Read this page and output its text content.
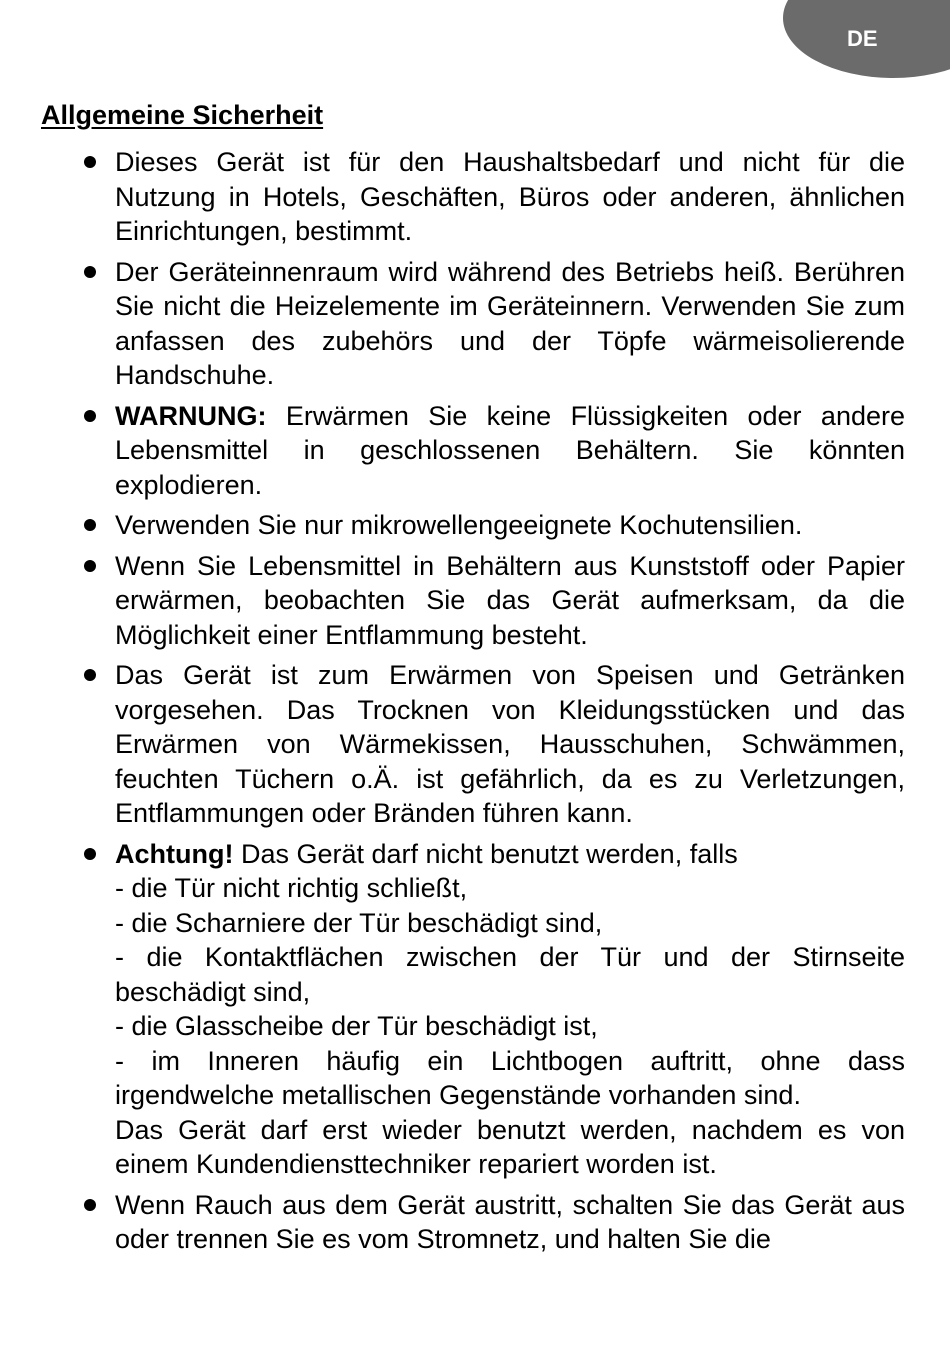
DE
Allgemeine Sicherheit
Dieses Gerät ist für den Haushaltsbedarf und nicht für die Nutzung in Hotels, Geschäften, Büros oder anderen, ähnlichen Einrichtungen, bestimmt.
Der Geräteinnenraum wird während des Betriebs heiß. Berühren Sie nicht die Heizelemente im Geräteinnern. Verwenden Sie zum anfassen des zubehörs und der Töpfe wärmeisolierende Handschuhe.
WARNUNG: Erwärmen Sie keine Flüssigkeiten oder andere Lebensmittel in geschlossenen Behältern. Sie könnten explodieren.
Verwenden Sie nur mikrowellengeeignete Kochutensilien.
Wenn Sie Lebensmittel in Behältern aus Kunststoff oder Papier erwärmen, beobachten Sie das Gerät aufmerksam, da die Möglichkeit einer Entflammung besteht.
Das Gerät ist zum Erwärmen von Speisen und Getränken vorgesehen. Das Trocknen von Kleidungsstücken und das Erwärmen von Wärmekissen, Hausschuhen, Schwämmen, feuchten Tüchern o.Ä. ist gefährlich, da es zu Verletzungen, Entflammungen oder Bränden führen kann.
Achtung! Das Gerät darf nicht benutzt werden, falls
- die Tür nicht richtig schließt,
- die Scharniere der Tür beschädigt sind,
- die Kontaktflächen zwischen der Tür und der Stirnseite beschädigt sind,
- die Glasscheibe der Tür beschädigt ist,
- im Inneren häufig ein Lichtbogen auftritt, ohne dass irgendwelche metallischen Gegenstände vorhanden sind.
Das Gerät darf erst wieder benutzt werden, nachdem es von einem Kundendiensttechniker repariert worden ist.
Wenn Rauch aus dem Gerät austritt, schalten Sie das Gerät aus oder trennen Sie es vom Stromnetz, und halten Sie die
